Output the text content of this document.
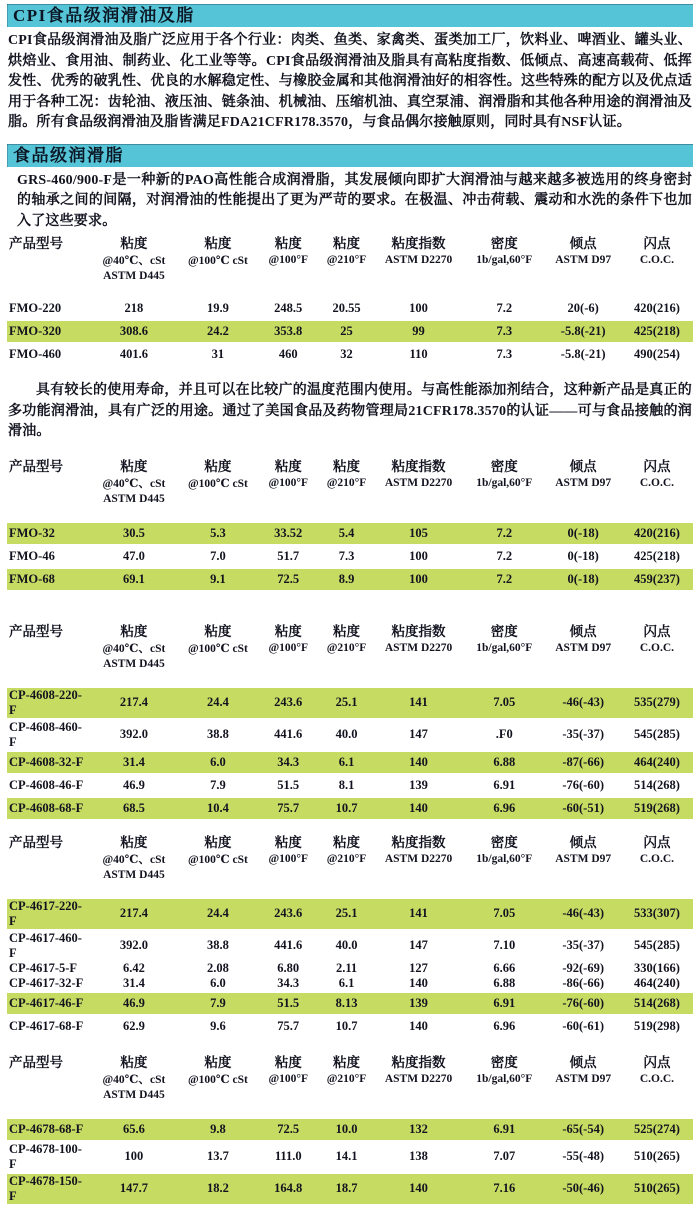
CPI食品级润滑油及脂

CPI食品级润滑油及脂广泛应用于各个行业：肉类、鱼类、家禽类、蛋类加工厂，饮料业、啤酒业、罐头业、烘焙业、食用油、制药业、化工业等等。CPI食品级润滑油及脂具有高粘度指数、低倾点、高速高载荷、低挥发性、优秀的破乳性、优良的水解稳定性、与橡胶金属和其他润滑油好的相容性。这些特殊的配方以及优点适用于各种工况：齿轮油、液压油、链条油、机械油、压缩机油、真空泵浦、润滑脂和其他各种用途的润滑油及脂。所有食品级润滑油及脂皆满足FDA21CFR178.3570，与食品偶尔接触原则，同时具有NSF认证。

食品级润滑脂

GRS-460/900-F是一种新的PAO高性能合成润滑脂，其发展倾向即扩大润滑油与越来越多被选用的终身密封的轴承之间的间隔，对润滑油的性能提出了更为严苛的要求。在极温、冲击荷载、震动和水洗的条件下也加入了这些要求。

产品型号	粘度	粘度	粘度	粘度	粘度指数	密度	倾点	闪点
	@40℃、cSt	@100℃ cSt	@100°F	@210°F	ASTM D2270	1b/gal,60°F	ASTM D97	C.O.C.
	ASTM D445							
FMO-220	218	19.9	248.5	20.55	100	7.2	20(-6)	420(216)
FMO-320	308.6	24.2	353.8	25	99	7.3	-5.8(-21)	425(218)
FMO-460	401.6	31	460	32	110	7.3	-5.8(-21)	490(254)

具有较长的使用寿命，并且可以在比较广的温度范围内使用。与高性能添加剂结合，这种新产品是真正的多功能润滑油，具有广泛的用途。通过了美国食品及药物管理局21CFR178.3570的认证——可与食品接触的润滑油。

产品型号	粘度	粘度	粘度	粘度	粘度指数	密度	倾点	闪点
	@40℃、cSt	@100℃ cSt	@100°F	@210°F	ASTM D2270	1b/gal,60°F	ASTM D97	C.O.C.
	ASTM D445							
FMO-32	30.5	5.3	33.52	5.4	105	7.2	0(-18)	420(216)
FMO-46	47.0	7.0	51.7	7.3	100	7.2	0(-18)	425(218)
FMO-68	69.1	9.1	72.5	8.9	100	7.2	0(-18)	459(237)
产品型号	粘度	粘度	粘度	粘度	粘度指数	密度	倾点	闪点
	@40℃、cSt	@100℃ cSt	@100°F	@210°F	ASTM D2270	1b/gal,60°F	ASTM D97	C.O.C.
	ASTM D445							
CP-4608-220-F	217.4	24.4	243.6	25.1	141	7.05	-46(-43)	535(279)
CP-4608-460-F	392.0	38.8	441.6	40.0	147	.F0	-35(-37)	545(285)
CP-4608-32-F	31.4	6.0	34.3	6.1	140	6.88	-87(-66)	464(240)
CP-4608-46-F	46.9	7.9	51.5	8.1	139	6.91	-76(-60)	514(268)
CP-4608-68-F	68.5	10.4	75.7	10.7	140	6.96	-60(-51)	519(268)
产品型号	粘度	粘度	粘度	粘度	粘度指数	密度	倾点	闪点
	@40℃、cSt	@100℃ cSt	@100°F	@210°F	ASTM D2270	1b/gal,60°F	ASTM D97	C.O.C.
	ASTM D445							
CP-4617-220-F	217.4	24.4	243.6	25.1	141	7.05	-46(-43)	533(307)
CP-4617-460-F	392.0	38.8	441.6	40.0	147	7.10	-35(-37)	545(285)
CP-4617-5-F	6.42	2.08	6.80	2.11	127	6.66	-92(-69)	330(166)
CP-4617-32-F	31.4	6.0	34.3	6.1	140	6.88	-86(-66)	464(240)
CP-4617-46-F	46.9	7.9	51.5	8.13	139	6.91	-76(-60)	514(268)
CP-4617-68-F	62.9	9.6	75.7	10.7	140	6.96	-60(-61)	519(298)
产品型号	粘度	粘度	粘度	粘度	粘度指数	密度	倾点	闪点
	@40℃、cSt	@100℃ cSt	@100°F	@210°F	ASTM D2270	1b/gal,60°F	ASTM D97	C.O.C.
	ASTM D445							
CP-4678-68-F	65.6	9.8	72.5	10.0	132	6.91	-65(-54)	525(274)
CP-4678-100-F	100	13.7	111.0	14.1	138	7.07	-55(-48)	510(265)
CP-4678-150-F	147.7	18.2	164.8	18.7	140	7.16	-50(-46)	510(265)
